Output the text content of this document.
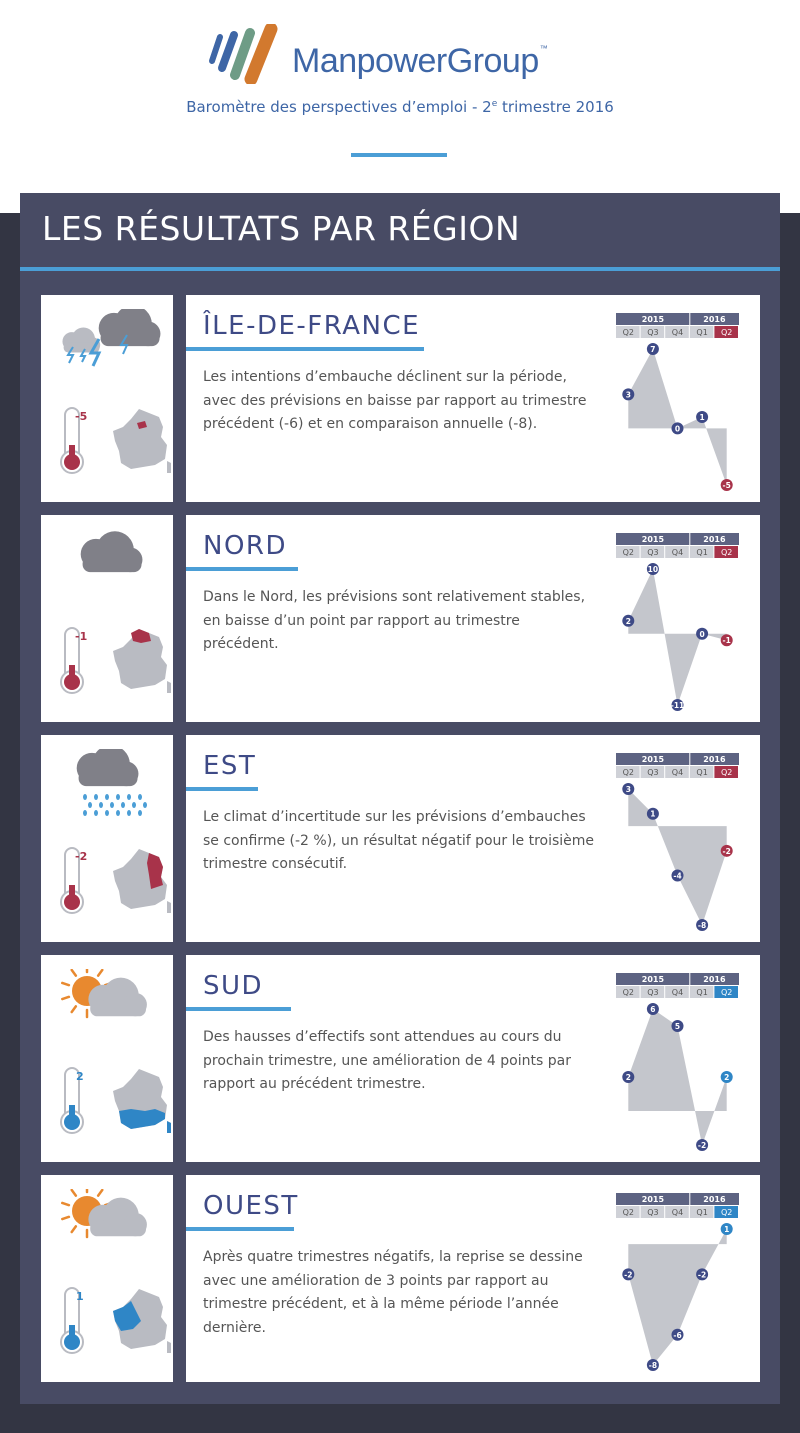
ManpowerGroup™
Baromètre des perspectives d’emploi - 2e trimestre 2016
LES RÉSULTATS PAR RÉGION
-5
ÎLE-DE-FRANCE
Les intentions d’embauche déclinent sur la période, avec des prévisions en baisse par rapport au trimestre précédent (-6) et en comparaison annuelle (-8).
2015	2016
Q2 Q3 Q4 Q1 Q2
3
7
0
1
-5
-1
NORD
Dans le Nord, les prévisions sont relativement stables, en baisse d’un point par rapport au trimestre précédent.
2015	2016
Q2 Q3 Q4 Q1 Q2
2
10
-11
0
-1
-2
EST
Le climat d’incertitude sur les prévisions d’embauches se confirme (-2 %), un résultat négatif pour le troisième trimestre consécutif.
2015	2016
Q2 Q3 Q4 Q1 Q2
3
1
-4
-8
-2
2
SUD
Des hausses d’effectifs sont attendues au cours du prochain trimestre, une amélioration de 4 points par rapport au précédent trimestre.
2015	2016
Q2 Q3 Q4 Q1 Q2
2
6
5
-2
2
1
OUEST
Après quatre trimestres négatifs, la reprise se dessine avec une amélioration de 3 points par rapport au trimestre précédent, et à la même période l’année dernière.
2015	2016
Q2 Q3 Q4 Q1 Q2
-2
-8
-6
-2
1
